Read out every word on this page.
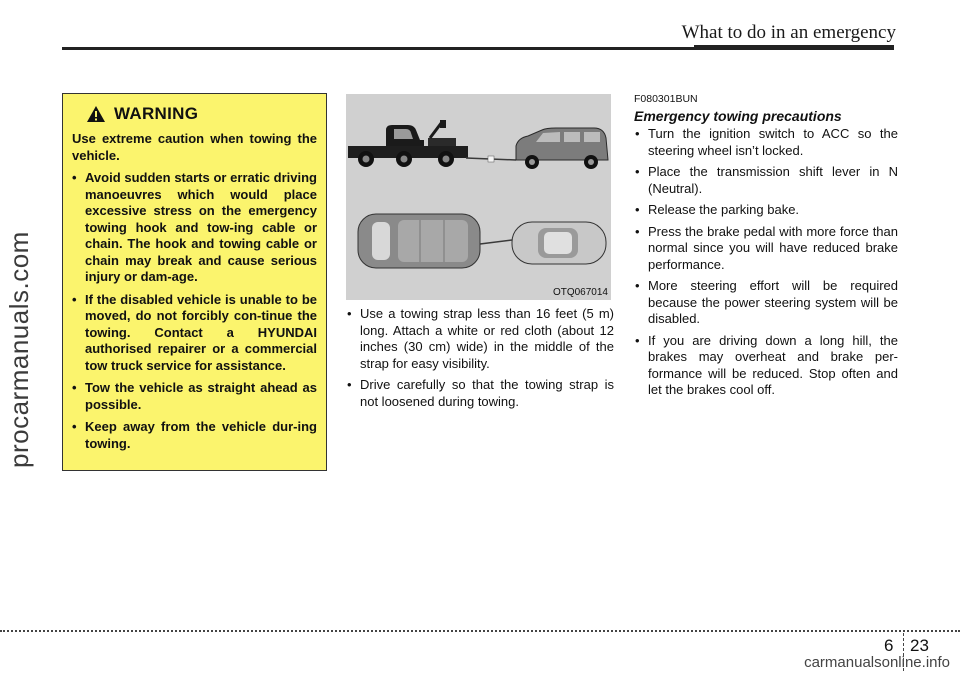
What to do in an emergency
procarmanuals.com
WARNING
Use extreme caution when towing the vehicle.
• Avoid sudden starts or erratic driving manoeuvres which would place excessive stress on the emergency towing hook and tow-ing cable or chain. The hook and towing cable or chain may break and cause serious injury or dam-age.
• If the disabled vehicle is unable to be moved, do not forcibly con-tinue the towing. Contact a HYUNDAI authorised repairer or a commercial tow truck service for assistance.
• Tow the vehicle as straight ahead as possible.
• Keep away from the vehicle dur-ing towing.
OTQ067014
• Use a towing strap less than 16 feet (5 m) long. Attach a white or red cloth (about 12 inches (30 cm) wide) in the middle of the strap for easy visibility.
• Drive carefully so that the towing strap is not loosened during towing.
F080301BUN
Emergency towing precautions
• Turn the ignition switch to ACC so the steering wheel isn’t locked.
• Place the transmission shift lever in N (Neutral).
• Release the parking bake.
• Press the brake pedal with more force than normal since you will have reduced brake performance.
• More steering effort will be required because the power steering system will be disabled.
• If you are driving down a long hill, the brakes may overheat and brake per-formance will be reduced. Stop often and let the brakes cool off.
6 23
carmanualsonline.info
